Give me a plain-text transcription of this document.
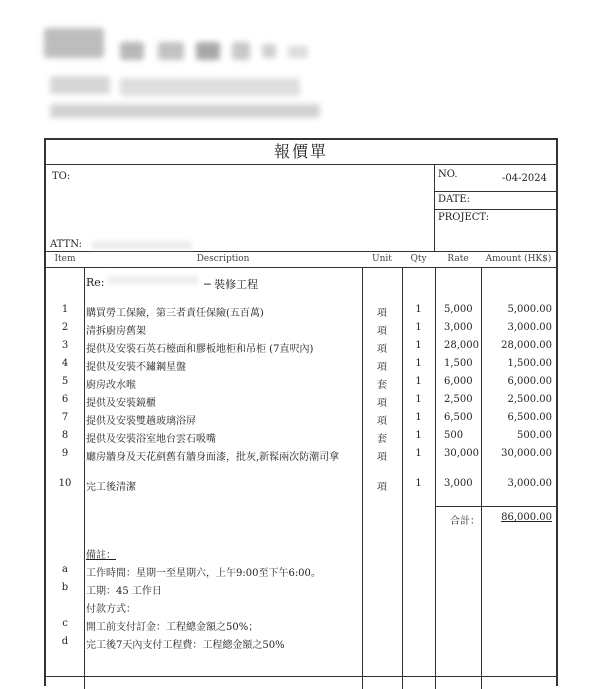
報價單
TO:
ATTN:
NO.	-04-2024
DATE:
PROJECT:
Item	Description	Unit	Qty	Rate	Amount (HK$)
Re:	─ 裝修工程
1	購買勞工保險，第三者責任保險(五百萬)	項	1	5,000	5,000.00
2	清拆廚房舊架	項	1	3,000	3,000.00
3	提供及安裝石英石檯面和膠板地柜和吊柜 (7直呎內)	項	1	28,000 28,000.00
4	提供及安裝不鏽鋼星盤	項	1	1,500	1,500.00
5	廚房改水喉	套	1	6,000	6,000.00
6	提供及安裝鏡櫃	項	1	2,500	2,500.00
7	提供及安裝雙趟玻璃浴屏	項	1	6,500	6,500.00
8	提供及安裝浴室地台雲石吸嘴	套	1	500	500.00
9	廳房牆身及天花剷舊有牆身面漆，批灰,新髹兩次防潮司拿	項	1	30,000 30,000.00
10	完工後清潔	項	1	3,000	3,000.00
合計： 86,000.00
備註：
a	工作時間：星期一至星期六，上午9:00至下午6:00。
b	工期：45 工作日
付款方式：
c	開工前支付訂金：工程總金額之50%；
d	完工後7天內支付工程費：工程總金額之50%
